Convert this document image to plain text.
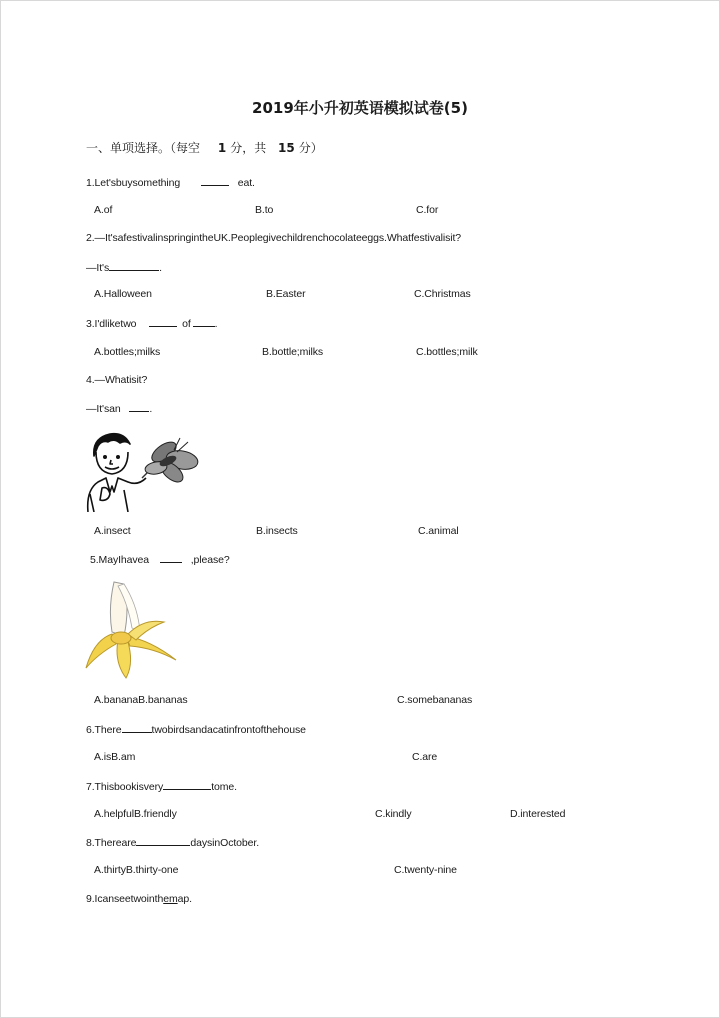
2019年小升初英语模拟试卷(5)
一、单项选择。（每空 1 分，共 15 分）
1.Let'sbuysomething	eat.
A.of	B.to	C.for
2.—It'safestivalinspringintheUK.Peoplegivechildrenchocolateeggs.Whatfestivalisit?
—It's	.
A.Halloween	B.Easter	C.Christmas
3.I'dliketwo	of .
A.bottles;milks	B.bottle;milks	C.bottles;milk
4.—Whatisit?
—It'san	.
A.insect	B.insects	C.animal
5.MayIhavea	,please?
A.bananaB.bananas	C.somebananas
6.There	twobirdsandacatinfrontofthehouse
A.isB.am	C.are
7.Thisbookisvery	tome.
A.helpfulB.friendly	C.kindly	D.interested
8.Thereare	daysinOctober.
A.thirtyB.thirty-one	C.twenty-nine
9.Icanseetwointhemap.
